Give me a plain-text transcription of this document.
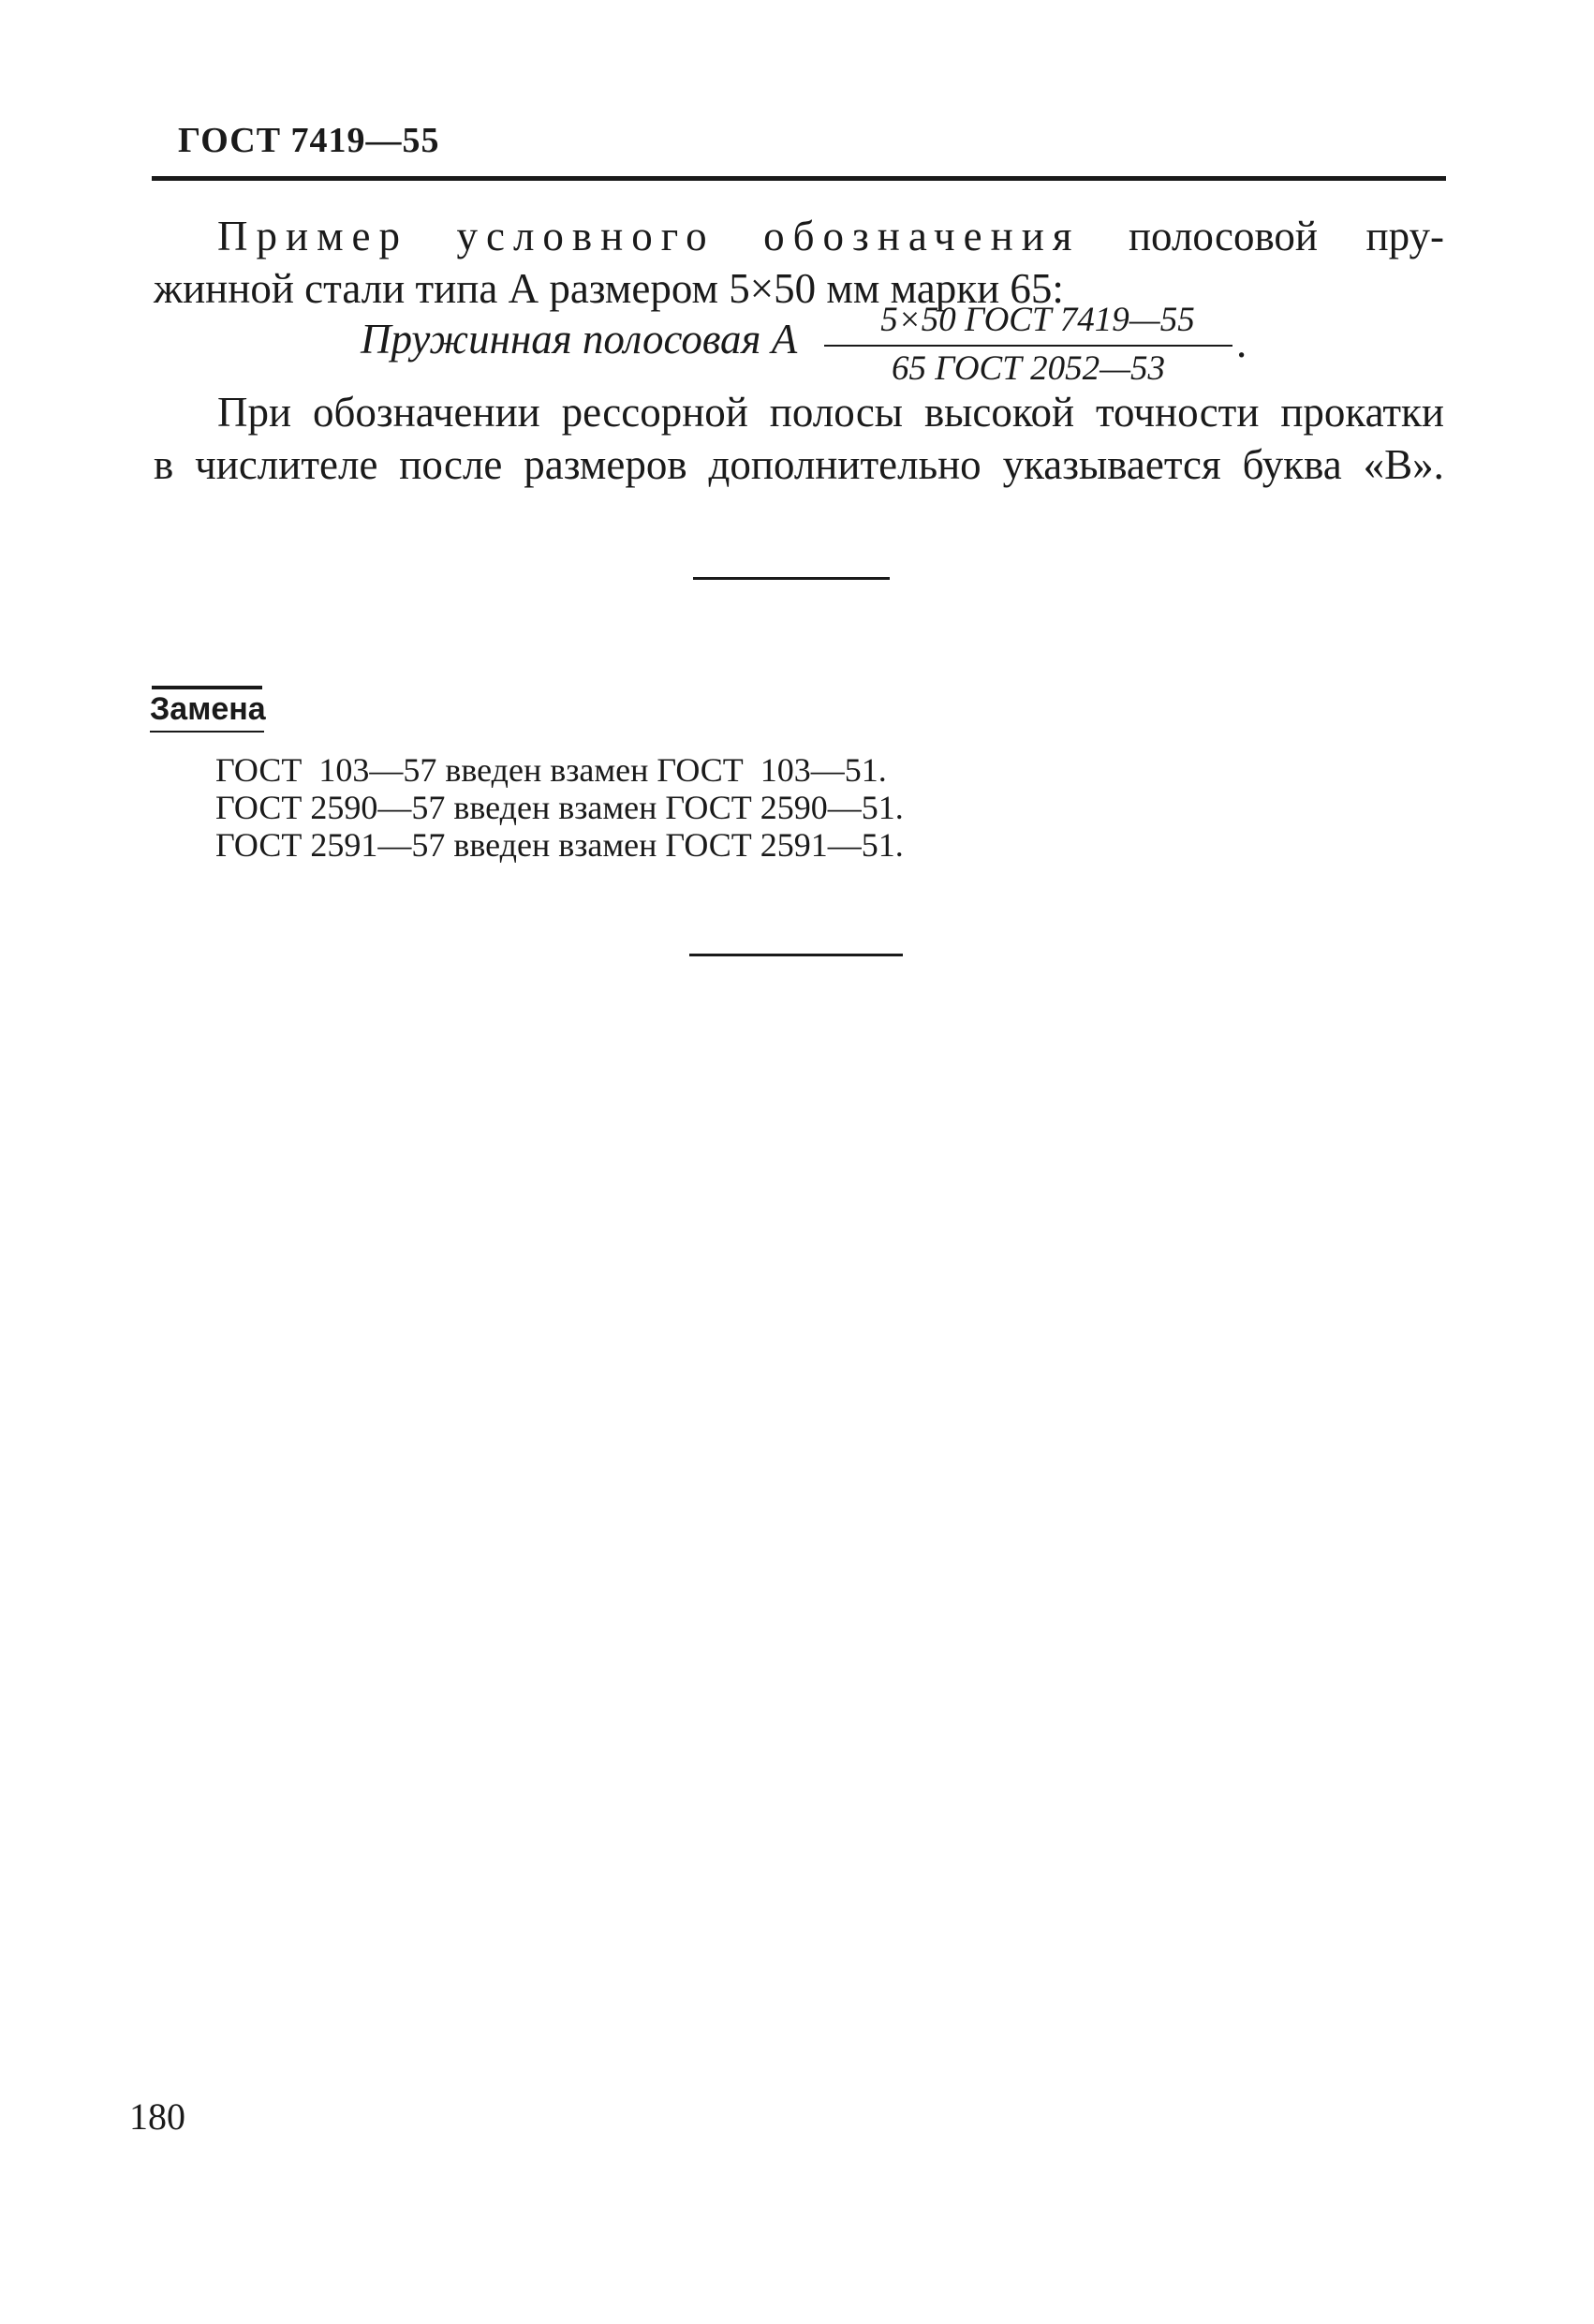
ГОСТ 7419—55
Пример условного обозначения полосовой пру-
жинной стали типа А размером 5×50 мм марки 65:
Пружинная полосовая А	5×50 ГОСТ 7419—55
65 ГОСТ 2052—53
.
При обозначении рессорной полосы высокой точности прокатки
в числителе после размеров дополнительно указывается буква «В».
Замена
ГОСТ  103—57 введен взамен ГОСТ  103—51.
ГОСТ 2590—57 введен взамен ГОСТ 2590—51.
ГОСТ 2591—57 введен взамен ГОСТ 2591—51.
180
